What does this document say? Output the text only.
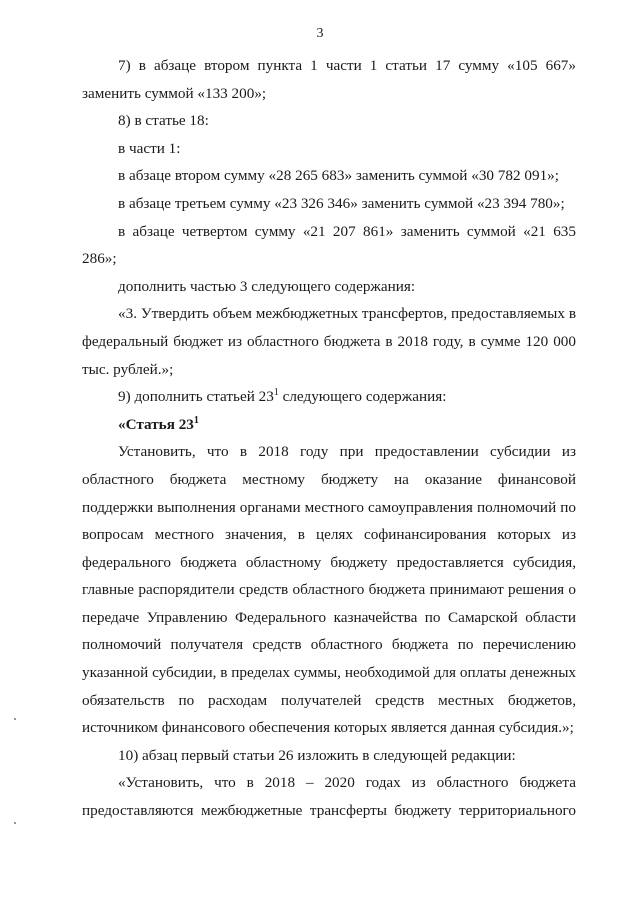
3

7) в абзаце втором пункта 1 части 1 статьи 17 сумму «105 667» заменить суммой «133 200»;

8) в статье 18:

в части 1:

в абзаце втором сумму «28 265 683» заменить суммой «30 782 091»;

в абзаце третьем сумму «23 326 346» заменить суммой «23 394 780»;

в абзаце четвертом сумму «21 207 861» заменить суммой «21 635 286»;

дополнить частью 3 следующего содержания:

«3. Утвердить объем межбюджетных трансфертов, предоставляемых в федеральный бюджет из областного бюджета в 2018 году, в сумме 120 000 тыс. рублей.»;

9) дополнить статьей $23^1$ следующего содержания:

«Статья $23^1$

Установить, что в 2018 году при предоставлении субсидии из областного бюджета местному бюджету на оказание финансовой поддержки выполнения органами местного самоуправления полномочий по вопросам местного значения, в целях софинансирования которых из федерального бюджета областному бюджету предоставляется субсидия, главные распорядители средств областного бюджета принимают решения о передаче Управлению Федерального казначейства по Самарской области полномочий получателя средств областного бюджета по перечислению указанной субсидии, в пределах суммы, необходимой для оплаты денежных обязательств по расходам получателей средств местных бюджетов, источником финансового обеспечения которых является данная субсидия.»;

10) абзац первый статьи 26 изложить в следующей редакции:

«Установить, что в 2018 – 2020 годах из областного бюджета предоставляются межбюджетные трансферты бюджету территориального
